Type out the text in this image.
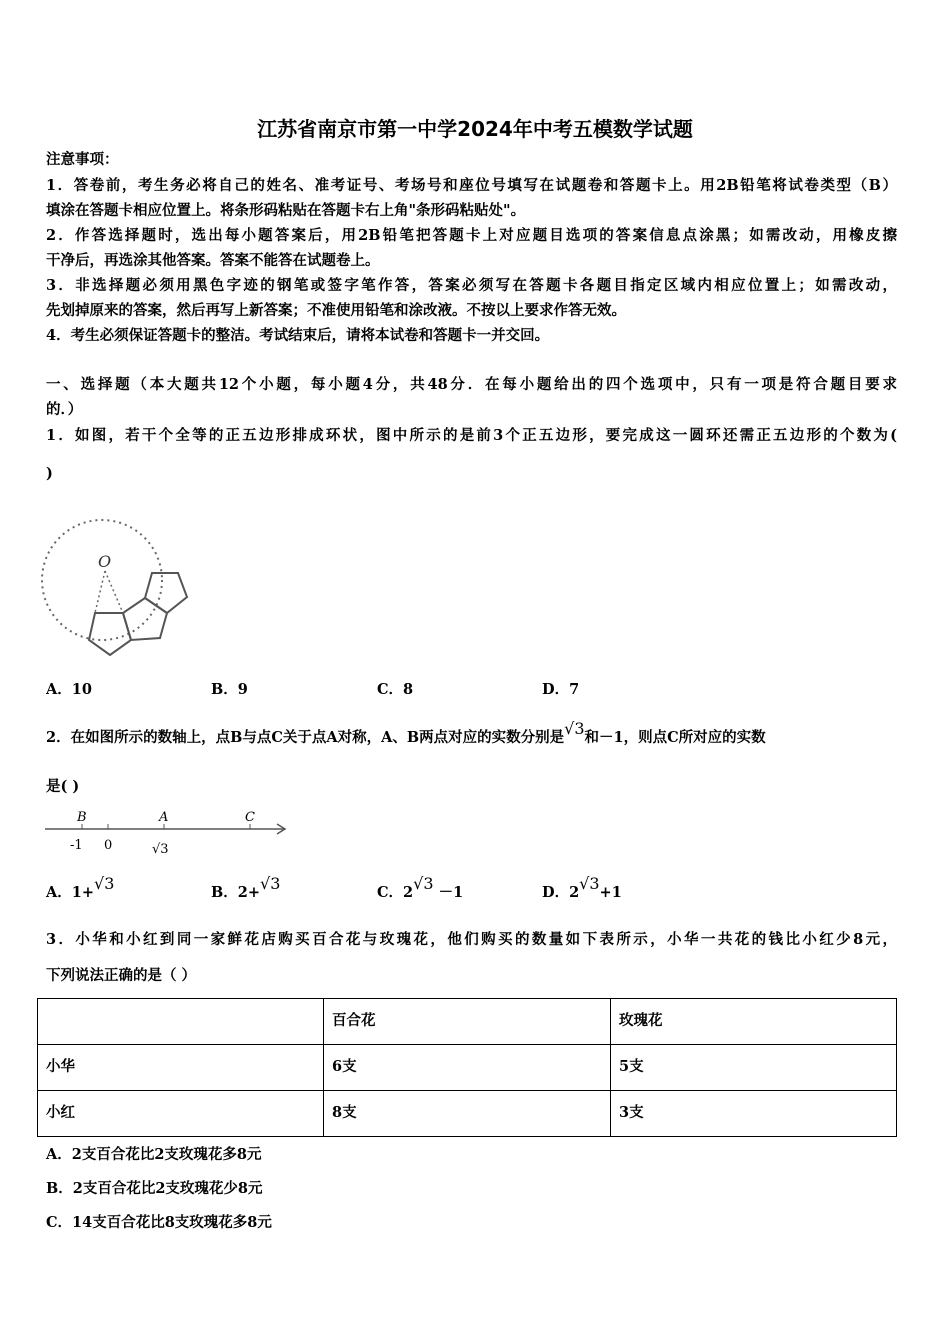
江苏省南京市第一中学2024年中考五模数学试题
注意事项：
1．答卷前，考生务必将自己的姓名、准考证号、考场号和座位号填写在试题卷和答题卡上。用2B铅笔将试卷类型（B）
填涂在答题卡相应位置上。将条形码粘贴在答题卡右上角"条形码粘贴处"。
2．作答选择题时，选出每小题答案后，用2B铅笔把答题卡上对应题目选项的答案信息点涂黑；如需改动，用橡皮擦
干净后，再选涂其他答案。答案不能答在试题卷上。
3．非选择题必须用黑色字迹的钢笔或签字笔作答，答案必须写在答题卡各题目指定区域内相应位置上；如需改动，
先划掉原来的答案，然后再写上新答案；不准使用铅笔和涂改液。不按以上要求作答无效。
4．考生必须保证答题卡的整洁。考试结束后，请将本试卷和答题卡一并交回。
一、选择题（本大题共12个小题，每小题4分，共48分．在每小题给出的四个选项中，只有一项是符合题目要求
的．）
1．如图，若干个全等的正五边形排成环状，图中所示的是前3个正五边形，要完成这一圆环还需正五边形的个数为(
)
O
A．10	B．9	C．8	D．7
2．在如图所示的数轴上，点B与点C关于点A对称，A、B两点对应的实数分别是√3和－1，则点C所对应的实数
是( )
B	A	C
-1 0	√3
A．1+√3	B．2+√3	C．2√3 －1	D．2√3+1
3．小华和小红到同一家鲜花店购买百合花与玫瑰花，他们购买的数量如下表所示，小华一共花的钱比小红少8元，
下列说法正确的是（ ）
	百合花	玫瑰花
小华	6支	5支
小红	8支	3支
A．2支百合花比2支玫瑰花多8元
B．2支百合花比2支玫瑰花少8元
C．14支百合花比8支玫瑰花多8元
